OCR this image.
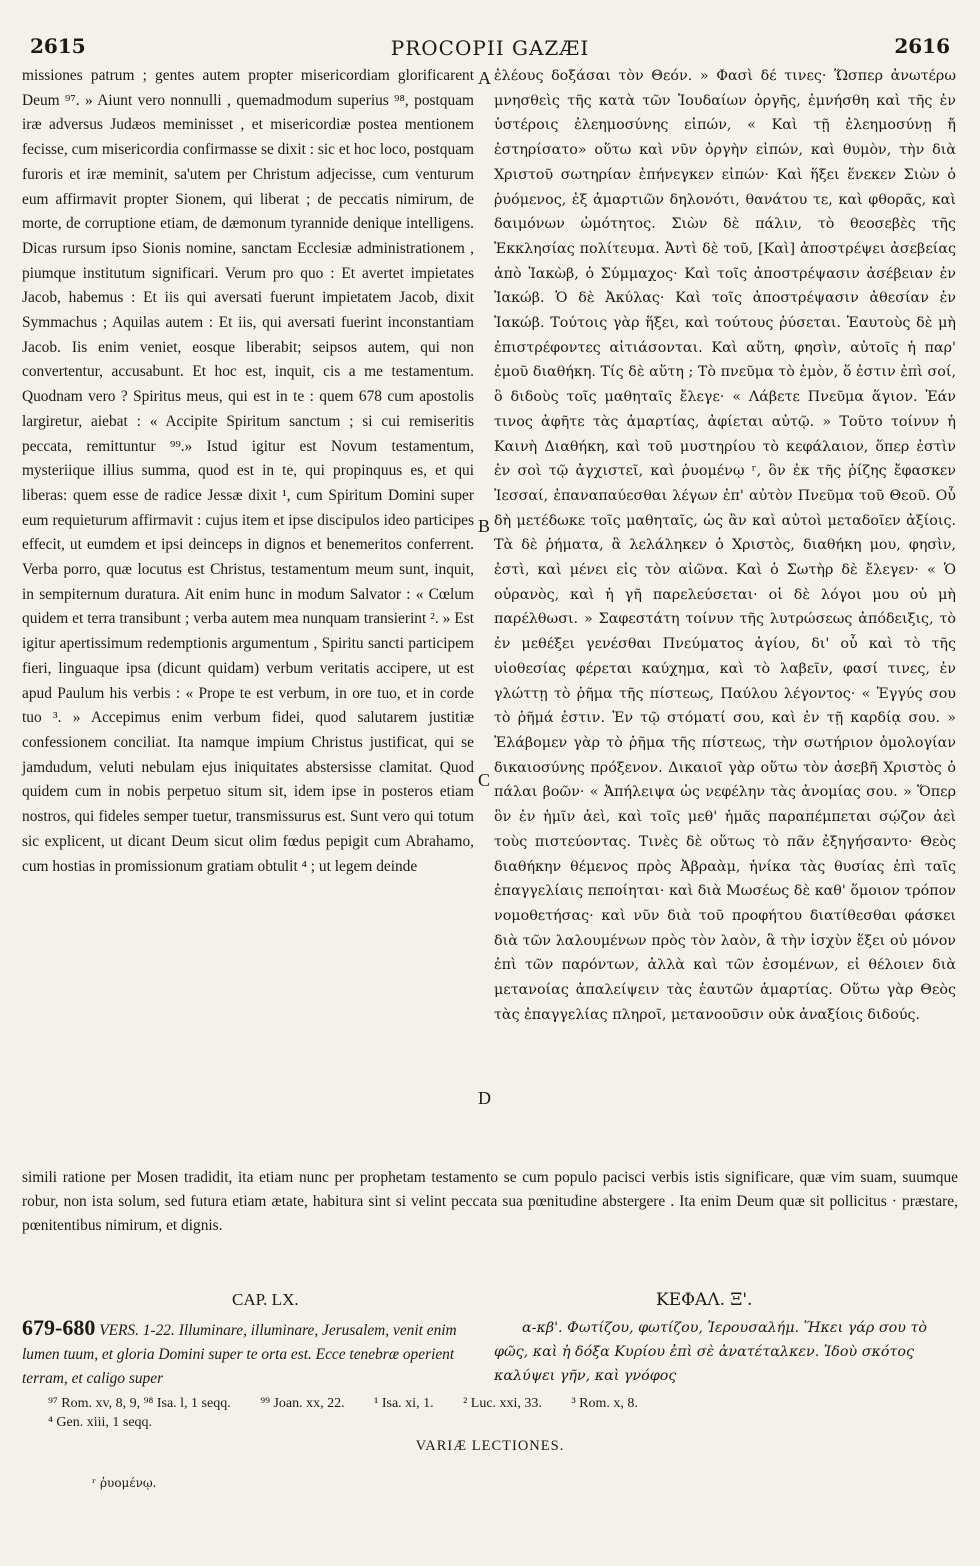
2615	PROCOPII GAZÆI	2616

missiones patrum ; gentes autem propter misericordiam glorificarent Deum ⁹⁷. » Aiunt vero nonnulli , quemadmodum superius ⁹⁸, postquam iræ adversus Judæos meminisset , et misericordiæ postea mentionem fecisse, cum misericordia confirmasse se dixit : sic et hoc loco, postquam furoris et iræ meminit, sa'utem per Christum adjecisse, cum venturum eum affirmavit propter Sionem, qui liberat ; de peccatis nimirum, de morte, de corruptione etiam, de dæmonum tyrannide denique intelligens. Dicas rursum ipso Sionis nomine, sanctam Ecclesiæ administrationem , piumque institutum significari. Verum pro quo : Et avertet impietates Jacob, habemus : Et iis qui aversati fuerunt impietatem Jacob, dixit Symmachus ; Aquilas autem : Et iis, qui aversati fuerint inconstantiam Jacob. Iis enim veniet, eosque liberabit; seipsos autem, qui non convertentur, accusabunt. Et hoc est, inquit, cis a me testamentum. Quodnam vero ? Spiritus meus, qui est in te : quem 678 cum apostolis largiretur, aiebat : « Accipite Spiritum sanctum ; si cui remiseritis peccata, remittuntur ⁹⁹.» Istud igitur est Novum testamentum, mysteriique illius summa, quod est in te, qui propinquus es, et qui liberas: quem esse de radice Jessæ dixit ¹, cum Spiritum Domini super eum requieturum affirmavit : cujus item et ipse discipulos ideo participes effecit, ut eumdem et ipsi deinceps in dignos et benemeritos conferrent. Verba porro, quæ locutus est Christus, testamentum meum sunt, inquit, in sempiternum duratura. Ait enim hunc in modum Salvator : « Cœlum quidem et terra transibunt ; verba autem mea nunquam transierint ². » Est igitur apertissimum redemptionis argumentum , Spiritu sancti participem fieri, linguaque ipsa (dicunt quidam) verbum veritatis accipere, ut est apud Paulum his verbis : « Prope te est verbum, in ore tuo, et in corde tuo ³. » Accepimus enim verbum fidei, quod salutarem justitiæ confessionem conciliat. Ita namque impium Christus justificat, qui se jamdudum, veluti nebulam ejus iniquitates abstersisse clamitat. Quod quidem cum in nobis perpetuo situm sit, idem ipse in posteros etiam nostros, qui fideles semper tuetur, transmissurus est. Sunt vero qui totum sic explicent, ut dicant Deum sicut olim fœdus pepigit cum Abrahamo, cum hostias in promissionum gratiam obtulit ⁴ ; ut legem deinde

ἐλέους δοξάσαι τὸν Θεόν. » Φασὶ δέ τινες· Ὥσπερ ἀνωτέρω μνησθεὶς τῆς κατὰ τῶν Ἰουδαίων ὀργῆς, ἐμνήσθη καὶ τῆς ἐν ὑστέροις ἐλεημοσύνης εἰπών, « Καὶ τῇ ἐλεημοσύνῃ ἤ ἐστηρίσατο» οὕτω καὶ νῦν ὀργὴν εἰπών, καὶ θυμὸν, τὴν διὰ Χριστοῦ σωτηρίαν ἐπήνεγκεν εἰπών· Καὶ ἥξει ἕνεκεν Σιὼν ὁ ῥυόμενος, ἐξ ἁμαρτιῶν δηλονότι, θανάτου τε, καὶ φθορᾶς, καὶ δαιμόνων ὠμότητος. Σιὼν δὲ πάλιν, τὸ θεοσεβὲς τῆς Ἐκκλησίας πολίτευμα. Ἀντὶ δὲ τοῦ, [Καὶ] ἀποστρέψει ἀσεβείας ἀπὸ Ἰακὼβ, ὁ Σύμμαχος· Καὶ τοῖς ἀποστρέψασιν ἀσέβειαν ἐν Ἰακώβ. Ὁ δὲ Ἀκύλας· Καὶ τοῖς ἀποστρέψασιν ἀθεσίαν ἐν Ἰακώβ. Τούτοις γὰρ ἥξει, καὶ τούτους ῥύσεται. Ἑαυτοὺς δὲ μὴ ἐπιστρέφοντες αἰτιάσονται. Καὶ αὕτη, φησὶν, αὐτοῖς ἡ παρ' ἐμοῦ διαθήκη. Τίς δὲ αὕτη ; Τὸ πνεῦμα τὸ ἐμὸν, ὅ ἐστιν ἐπὶ σοί, ὃ διδοὺς τοῖς μαθηταῖς ἔλεγε· « Λάβετε Πνεῦμα ἅγιον. Ἐάν τινος ἀφῆτε τὰς ἁμαρτίας, ἀφίεται αὐτῷ. » Τοῦτο τοίνυν ἡ Καινὴ Διαθήκη, καὶ τοῦ μυστηρίου τὸ κεφάλαιον, ὅπερ ἐστὶν ἐν σοὶ τῷ ἀγχιστεῖ, καὶ ῥυομένῳ ʳ, ὃν ἐκ τῆς ῥίζης ἔφασκεν Ἰεσσαί, ἐπαναπαύεσθαι λέγων ἐπ' αὐτὸν Πνεῦμα τοῦ Θεοῦ. Οὗ δὴ μετέδωκε τοῖς μαθηταῖς, ὡς ἂν καὶ αὐτοὶ μεταδοῖεν ἀξίοις. Τὰ δὲ ῥήματα, ἃ λελάληκεν ὁ Χριστὸς, διαθήκη μου, φησὶν, ἐστὶ, καὶ μένει εἰς τὸν αἰῶνα. Καὶ ὁ Σωτὴρ δὲ ἔλεγεν· « Ὁ οὐρανὸς, καὶ ἡ γῆ παρελεύσεται· οἱ δὲ λόγοι μου οὐ μὴ παρέλθωσι. » Σαφεστάτη τοίνυν τῆς λυτρώσεως ἀπόδειξις, τὸ ἐν μεθέξει γενέσθαι Πνεύματος ἁγίου, δι' οὗ καὶ τὸ τῆς υἱοθεσίας φέρεται καύχημα, καὶ τὸ λαβεῖν, φασί τινες, ἐν γλώττῃ τὸ ῥῆμα τῆς πίστεως, Παύλου λέγοντος· « Ἐγγύς σου τὸ ῥῆμά ἐστιν. Ἐν τῷ στόματί σου, καὶ ἐν τῇ καρδίᾳ σου. » Ἐλάβομεν γὰρ τὸ ῥῆμα τῆς πίστεως, τὴν σωτήριον ὁμολογίαν δικαιοσύνης πρόξενον. Δικαιοῖ γὰρ οὕτω τὸν ἀσεβῆ Χριστὸς ὁ πάλαι βοῶν· « Ἀπήλειψα ὡς νεφέλην τὰς ἀνομίας σου. » Ὅπερ ὃν ἐν ἡμῖν ἀεὶ, καὶ τοῖς μεθ' ἡμᾶς παραπέμπεται σῴζον ἀεὶ τοὺς πιστεύοντας. Τινὲς δὲ οὕτως τὸ πᾶν ἐξηγήσαντο· Θεὸς διαθήκην θέμενος πρὸς Ἀβραὰμ, ἡνίκα τὰς θυσίας ἐπὶ ταῖς ἐπαγγελίαις πεποίηται· καὶ διὰ Μωσέως δὲ καθ' ὅμοιον τρόπον νομοθετήσας· καὶ νῦν διὰ τοῦ προφήτου διατίθεσθαι φάσκει διὰ τῶν λαλουμένων πρὸς τὸν λαὸν, ἃ τὴν ἰσχὺν ἕξει οὐ μόνον ἐπὶ τῶν παρόντων, ἀλλὰ καὶ τῶν ἐσομένων, εἰ θέλοιεν διὰ μετανοίας ἀπαλείψειν τὰς ἑαυτῶν ἁμαρτίας. Οὕτω γὰρ Θεὸς τὰς ἐπαγγελίας πληροῖ, μετανοοῦσιν οὐκ ἀναξίοις διδούς.

A
B
C
D
simili ratione per Mosen tradidit, ita etiam nunc per prophetam testamento se cum populo pacisci verbis istis significare, quæ vim suam, suumque robur, non ista solum, sed futura etiam ætate, habitura sint si velint peccata sua pœnitudine abstergere . Ita enim Deum quæ sit pollicitus · præstare, pœnitentibus nimirum, et dignis.
CAP. LX.	ΚΕΦΑΛ. Ξ'.
679-680 VERS. 1-22. Illuminare, illuminare, Jerusalem, venit enim lumen tuum, et gloria Domini super te orta est. Ecce tenebræ operient terram, et caligo super
α-κβ'. Φωτίζου, φωτίζου, Ἱερουσαλήμ. Ἥκει γάρ σου τὸ φῶς, καὶ ἡ δόξα Κυρίου ἐπὶ σὲ ἀνατέταλκεν. Ἰδοὺ σκότος καλύψει γῆν, καὶ γνόφος
⁹⁷ Rom. xv, 8, 9, ⁹⁸ Isa. l, 1 seqq. ⁹⁹ Joan. xx, 22. ¹ Isa. xi, 1. ² Luc. xxi, 33. ³ Rom. x, 8.
⁴ Gen. xiii, 1 seqq.
VARIÆ LECTIONES.
ʳ ῥυομένῳ.
